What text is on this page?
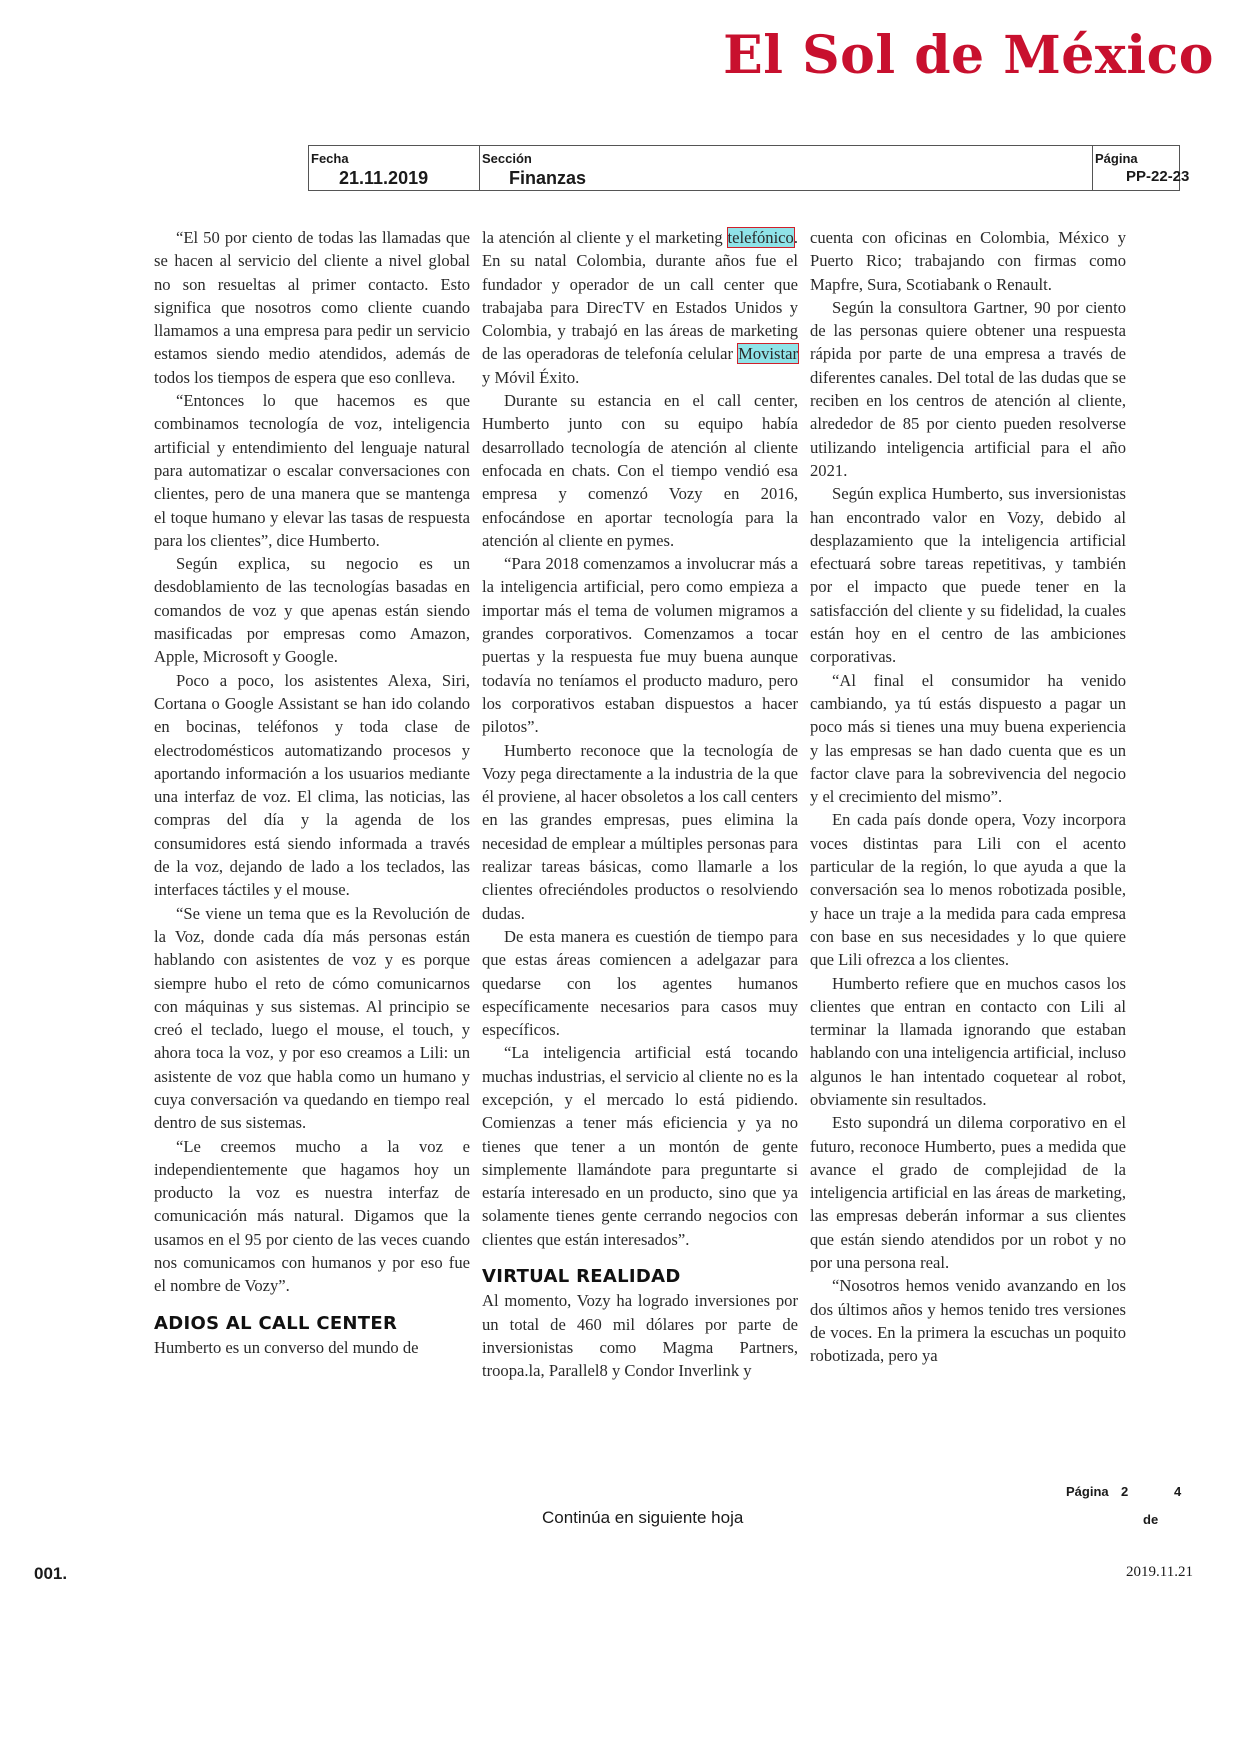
El Sol de México
Fecha
21.11.2019
Sección
Finanzas
Página
PP-22-23

“El 50 por ciento de todas las llamadas que se hacen al servicio del cliente a nivel global no son resueltas al primer contacto. Esto significa que nosotros como cliente cuando llamamos a una empresa para pedir un servicio estamos siendo medio atendidos, además de todos los tiempos de espera que eso conlleva.

“Entonces lo que hacemos es que combinamos tecnología de voz, inteligencia artificial y entendimiento del lenguaje natural para automatizar o escalar conversaciones con clientes, pero de una manera que se mantenga el toque humano y elevar las tasas de respuesta para los clientes”, dice Humberto.

Según explica, su negocio es un desdoblamiento de las tecnologías basadas en comandos de voz y que apenas están siendo masificadas por empresas como Amazon, Apple, Microsoft y Google.

Poco a poco, los asistentes Alexa, Siri, Cortana o Google Assistant se han ido colando en bocinas, teléfonos y toda clase de electrodomésticos automatizando procesos y aportando información a los usuarios mediante una interfaz de voz. El clima, las noticias, las compras del día y la agenda de los consumidores está siendo informada a través de la voz, dejando de lado a los teclados, las interfaces táctiles y el mouse.

“Se viene un tema que es la Revolución de la Voz, donde cada día más personas están hablando con asistentes de voz y es porque siempre hubo el reto de cómo comunicarnos con máquinas y sus sistemas. Al principio se creó el teclado, luego el mouse, el touch, y ahora toca la voz, y por eso creamos a Lili: un asistente de voz que habla como un humano y cuya conversación va quedando en tiempo real dentro de sus sistemas.

“Le creemos mucho a la voz e independientemente que hagamos hoy un producto la voz es nuestra interfaz de comunicación más natural. Digamos que la usamos en el 95 por ciento de las veces cuando nos comunicamos con humanos y por eso fue el nombre de Vozy”.

ADIOS AL CALL CENTER

Humberto es un converso del mundo de

la atención al cliente y el marketing telefónico. En su natal Colombia, durante años fue el fundador y operador de un call center que trabajaba para DirecTV en Estados Unidos y Colombia, y trabajó en las áreas de marketing de las operadoras de telefonía celular Movistar y Móvil Éxito.

Durante su estancia en el call center, Humberto junto con su equipo había desarrollado tecnología de atención al cliente enfocada en chats. Con el tiempo vendió esa empresa y comenzó Vozy en 2016, enfocándose en aportar tecnología para la atención al cliente en pymes.

“Para 2018 comenzamos a involucrar más a la inteligencia artificial, pero como empieza a importar más el tema de volumen migramos a grandes corporativos. Comenzamos a tocar puertas y la respuesta fue muy buena aunque todavía no teníamos el producto maduro, pero los corporativos estaban dispuestos a hacer pilotos”.

Humberto reconoce que la tecnología de Vozy pega directamente a la industria de la que él proviene, al hacer obsoletos a los call centers en las grandes empresas, pues elimina la necesidad de emplear a múltiples personas para realizar tareas básicas, como llamarle a los clientes ofreciéndoles productos o resolviendo dudas.

De esta manera es cuestión de tiempo para que estas áreas comiencen a adelgazar para quedarse con los agentes humanos específicamente necesarios para casos muy específicos.

“La inteligencia artificial está tocando muchas industrias, el servicio al cliente no es la excepción, y el mercado lo está pidiendo. Comienzas a tener más eficiencia y ya no tienes que tener a un montón de gente simplemente llamándote para preguntarte si estaría interesado en un producto, sino que ya solamente tienes gente cerrando negocios con clientes que están interesados”.

VIRTUAL REALIDAD

Al momento, Vozy ha logrado inversiones por un total de 460 mil dólares por parte de inversionistas como Magma Partners, troopa.la, Parallel8 y Condor Inverlink y

cuenta con oficinas en Colombia, México y Puerto Rico; trabajando con firmas como Mapfre, Sura, Scotiabank o Renault.

Según la consultora Gartner, 90 por ciento de las personas quiere obtener una respuesta rápida por parte de una empresa a través de diferentes canales. Del total de las dudas que se reciben en los centros de atención al cliente, alrededor de 85 por ciento pueden resolverse utilizando inteligencia artificial para el año 2021.

Según explica Humberto, sus inversionistas han encontrado valor en Vozy, debido al desplazamiento que la inteligencia artificial efectuará sobre tareas repetitivas, y también por el impacto que puede tener en la satisfacción del cliente y su fidelidad, la cuales están hoy en el centro de las ambiciones corporativas.

“Al final el consumidor ha venido cambiando, ya tú estás dispuesto a pagar un poco más si tienes una muy buena experiencia y las empresas se han dado cuenta que es un factor clave para la sobrevivencia del negocio y el crecimiento del mismo”.

En cada país donde opera, Vozy incorpora voces distintas para Lili con el acento particular de la región, lo que ayuda a que la conversación sea lo menos robotizada posible, y hace un traje a la medida para cada empresa con base en sus necesidades y lo que quiere que Lili ofrezca a los clientes.

Humberto refiere que en muchos casos los clientes que entran en contacto con Lili al terminar la llamada ignorando que estaban hablando con una inteligencia artificial, incluso algunos le han intentado coquetear al robot, obviamente sin resultados.

Esto supondrá un dilema corporativo en el futuro, reconoce Humberto, pues a medida que avance el grado de complejidad de la inteligencia artificial en las áreas de marketing, las empresas deberán informar a sus clientes que están siendo atendidos por un robot y no por una persona real.

“Nosotros hemos venido avanzando en los dos últimos años y hemos tenido tres versiones de voces. En la primera la escuchas un poquito robotizada, pero ya

Página 2	4
de
Continúa en siguiente hoja
001.	2019.11.21
